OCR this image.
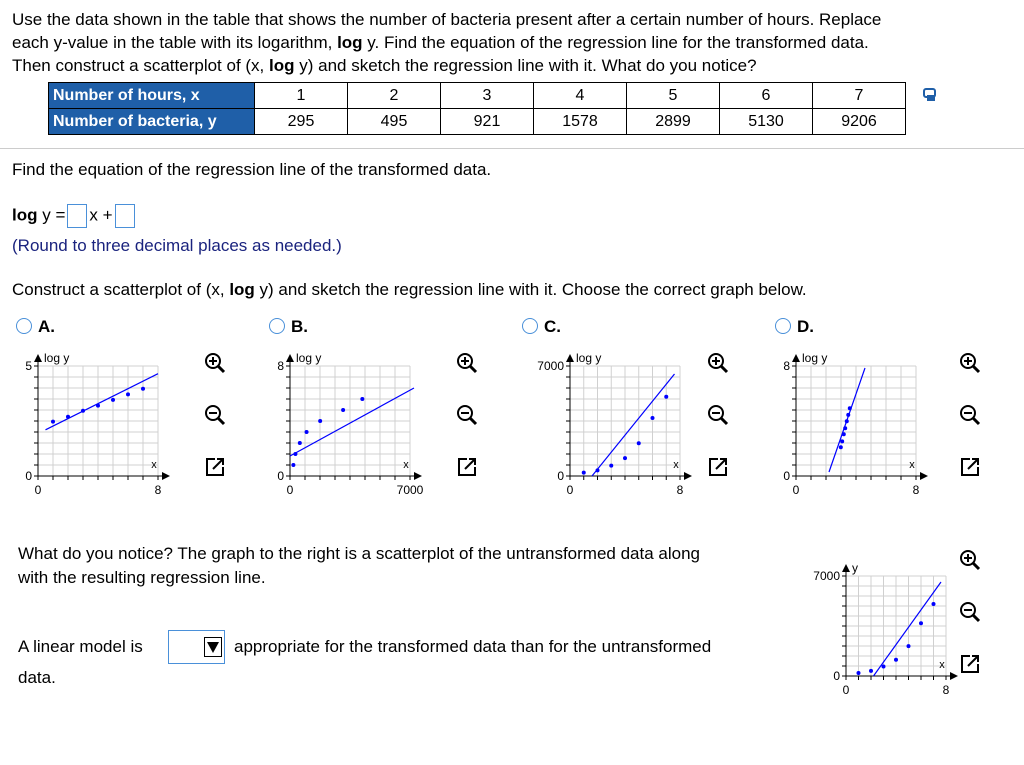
Use the data shown in the table that shows the number of bacteria present after a certain number of hours. Replace
each y-value in the table with its logarithm, log y. Find the equation of the regression line for the transformed data.
Then construct a scatterplot of (x, log y) and sketch the regression line with it. What do you notice?
Number of hours, x	1	2	3	4	5	6	7
Number of bacteria, y	295	495	921	1578	2899	5130	9206
Find the equation of the regression line of the transformed data.
log y = x +
(Round to three decimal places as needed.)
Construct a scatterplot of (x, log y) and sketch the regression line with it. Choose the correct graph below.
A.	B.	C.	D.
log y
5
0
0	8
x
log y
8
0
0	7000
x
log y
7000
0
0	8
x
log y
8
0
0	8
x
What do you notice? The graph to the right is a scatterplot of the untransformed data along
with the resulting regression line.
A linear model is	appropriate for the transformed data than for the untransformed
data.
y
7000
0
0	8
x
